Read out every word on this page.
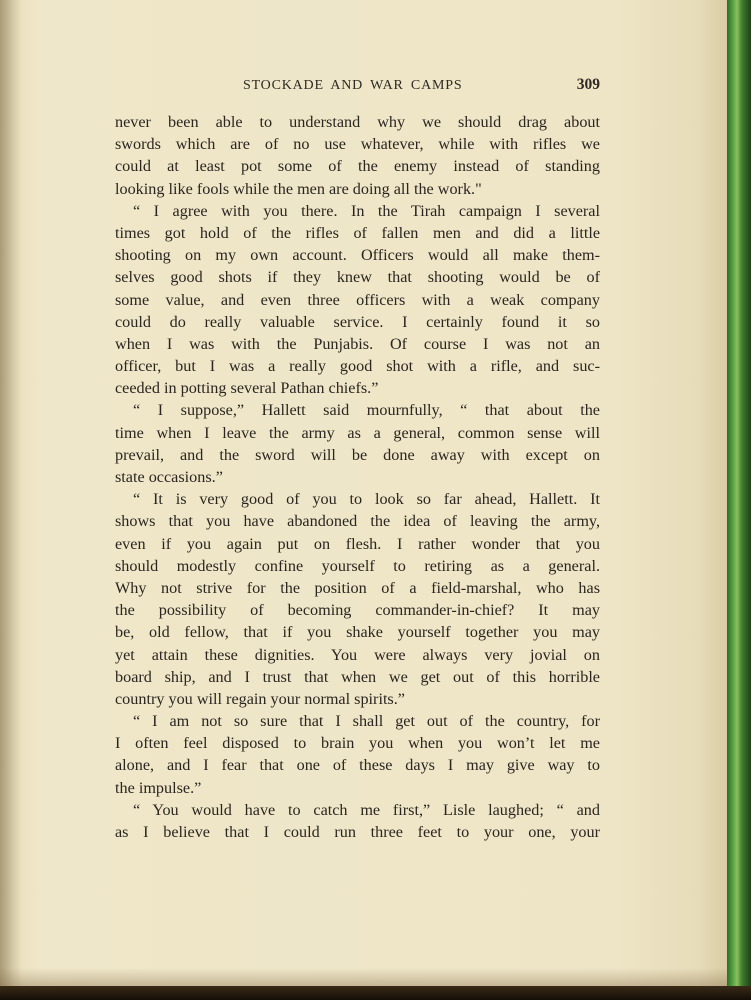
STOCKADE AND WAR CAMPS	309
never been able to understand why we should drag about
swords which are of no use whatever, while with rifles we
could at least pot some of the enemy instead of standing
looking like fools while the men are doing all the work."
“ I agree with you there. In the Tirah campaign I several
times got hold of the rifles of fallen men and did a little
shooting on my own account. Officers would all make them-
selves good shots if they knew that shooting would be of
some value, and even three officers with a weak company
could do really valuable service. I certainly found it so
when I was with the Punjabis. Of course I was not an
officer, but I was a really good shot with a rifle, and suc-
ceeded in potting several Pathan chiefs.”
“ I suppose,” Hallett said mournfully, “ that about the
time when I leave the army as a general, common sense will
prevail, and the sword will be done away with except on
state occasions.”
“ It is very good of you to look so far ahead, Hallett. It
shows that you have abandoned the idea of leaving the army,
even if you again put on flesh. I rather wonder that you
should modestly confine yourself to retiring as a general.
Why not strive for the position of a field-marshal, who has
the possibility of becoming commander-in-chief? It may
be, old fellow, that if you shake yourself together you may
yet attain these dignities. You were always very jovial on
board ship, and I trust that when we get out of this horrible
country you will regain your normal spirits.”
“ I am not so sure that I shall get out of the country, for
I often feel disposed to brain you when you won’t let me
alone, and I fear that one of these days I may give way to
the impulse.”
“ You would have to catch me first,” Lisle laughed; “ and
as I believe that I could run three feet to your one, your
